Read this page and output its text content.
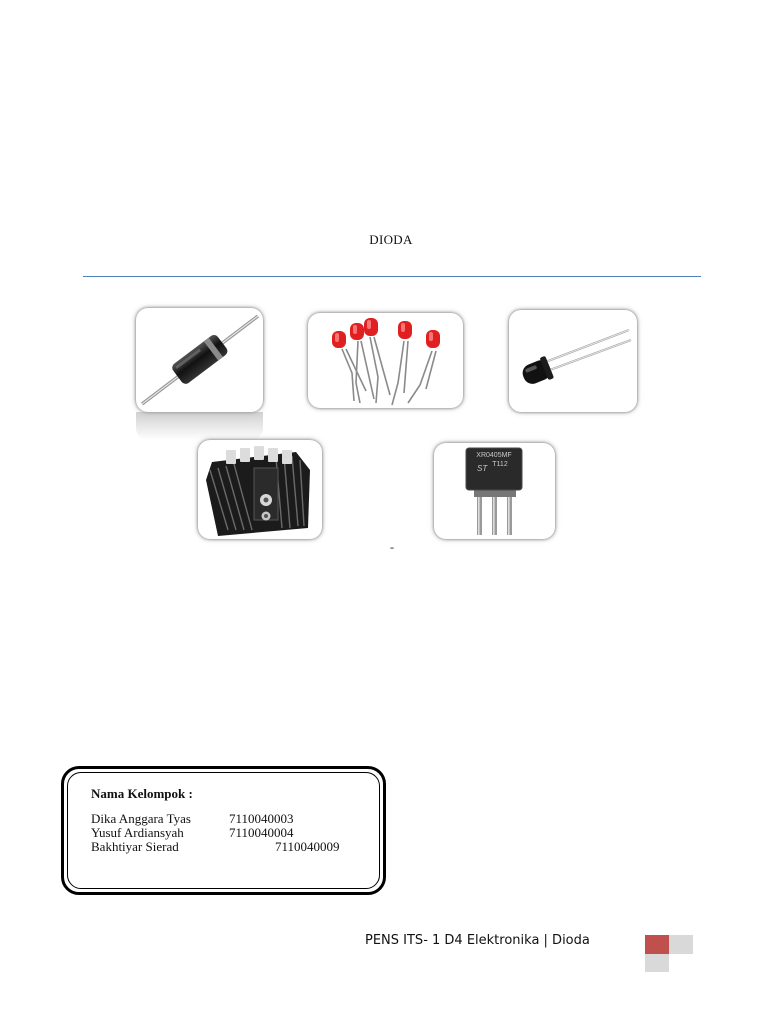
DIODA
XR0405MF
T112
ST
-
Nama Kelompok :
Dika Anggara Tyas	7110040003
Yusuf Ardiansyah	7110040004
Bakhtiyar Sierad	7110040009
PENS ITS- 1 D4 Elektronika | Dioda
